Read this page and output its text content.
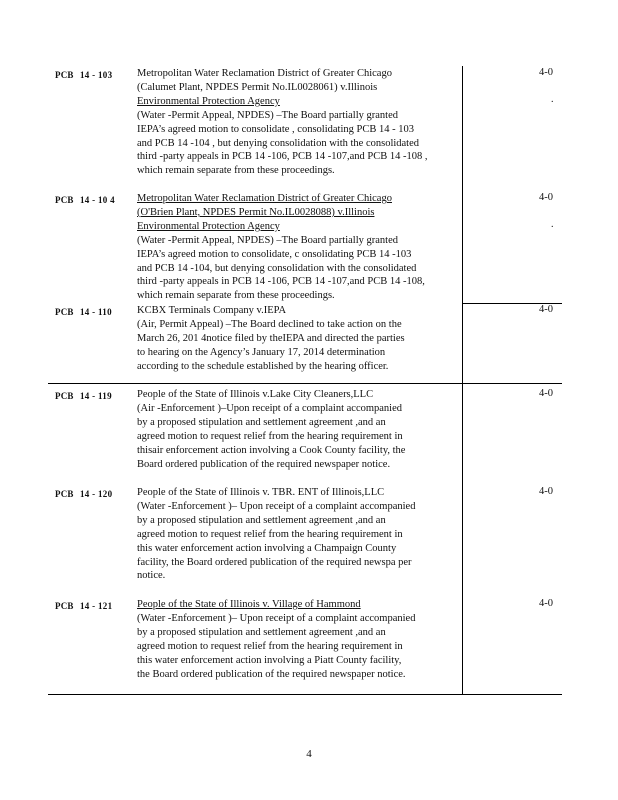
PCB 14 - 103 Metropolitan Water Reclamation District of Greater Chicago
(Calumet Plant, NPDES Permit No.IL0028061) v.Illinois
Environmental Protection Agency
(Water -Permit Appeal, NPDES) –The Board partially granted
IEPA’s agreed motion to consolidate , consolidating PCB 14 - 103
and PCB 14 -104 , but denying consolidation with the consolidated
third -party appeals in PCB 14 -106, PCB 14 -107,and PCB 14 -108 ,
which remain separate from these proceedings.
4-0
.
PCB 14 - 10 4 Metropolitan Water Reclamation District of Greater Chicago
(O'Brien Plant, NPDES Permit No.IL0028088) v.Illinois
Environmental Protection Agency
(Water -Permit Appeal, NPDES) –The Board partially granted
IEPA’s agreed motion to consolidate, c onsolidating PCB 14 -103
and PCB 14 -104, but denying consolidation with the consolidated
third -party appeals in PCB 14 -106, PCB 14 -107,and PCB 14 -108,
which remain separate from these proceedings.
4-0
.
PCB 14 - 110 KCBX Terminals Company v.IEPA
(Air, Permit Appeal) –The Board declined to take action on the
March 26, 201 4notice filed by theIEPA and directed the parties
to hearing on the Agency’s January 17, 2014 determination
according to the schedule established by the hearing officer.
4-0
PCB 14 - 119 People of the State of Illinois v.Lake City Cleaners,LLC
(Air -Enforcement )–Upon receipt of a complaint accompanied
by a proposed stipulation and settlement agreement ,and an
agreed motion to request relief from the hearing requirement in
thisair enforcement action involving a Cook County facility, the
Board ordered publication of the required newspaper notice.
4-0
PCB 14 - 120 People of the State of Illinois v. TBR. ENT of Illinois,LLC
(Water -Enforcement )– Upon receipt of a complaint accompanied
by a proposed stipulation and settlement agreement ,and an
agreed motion to request relief from the hearing requirement in
this water enforcement action involving a Champaign County
facility, the Board ordered publication of the required newspa per
notice.
4-0
PCB 14 - 121 People of the State of Illinois v. Village of Hammond
(Water -Enforcement )– Upon receipt of a complaint accompanied
by a proposed stipulation and settlement agreement ,and an
agreed motion to request relief from the hearing requirement in
this water enforcement action involving a Piatt County facility,
the Board ordered publication of the required newspaper notice.
4-0
4
